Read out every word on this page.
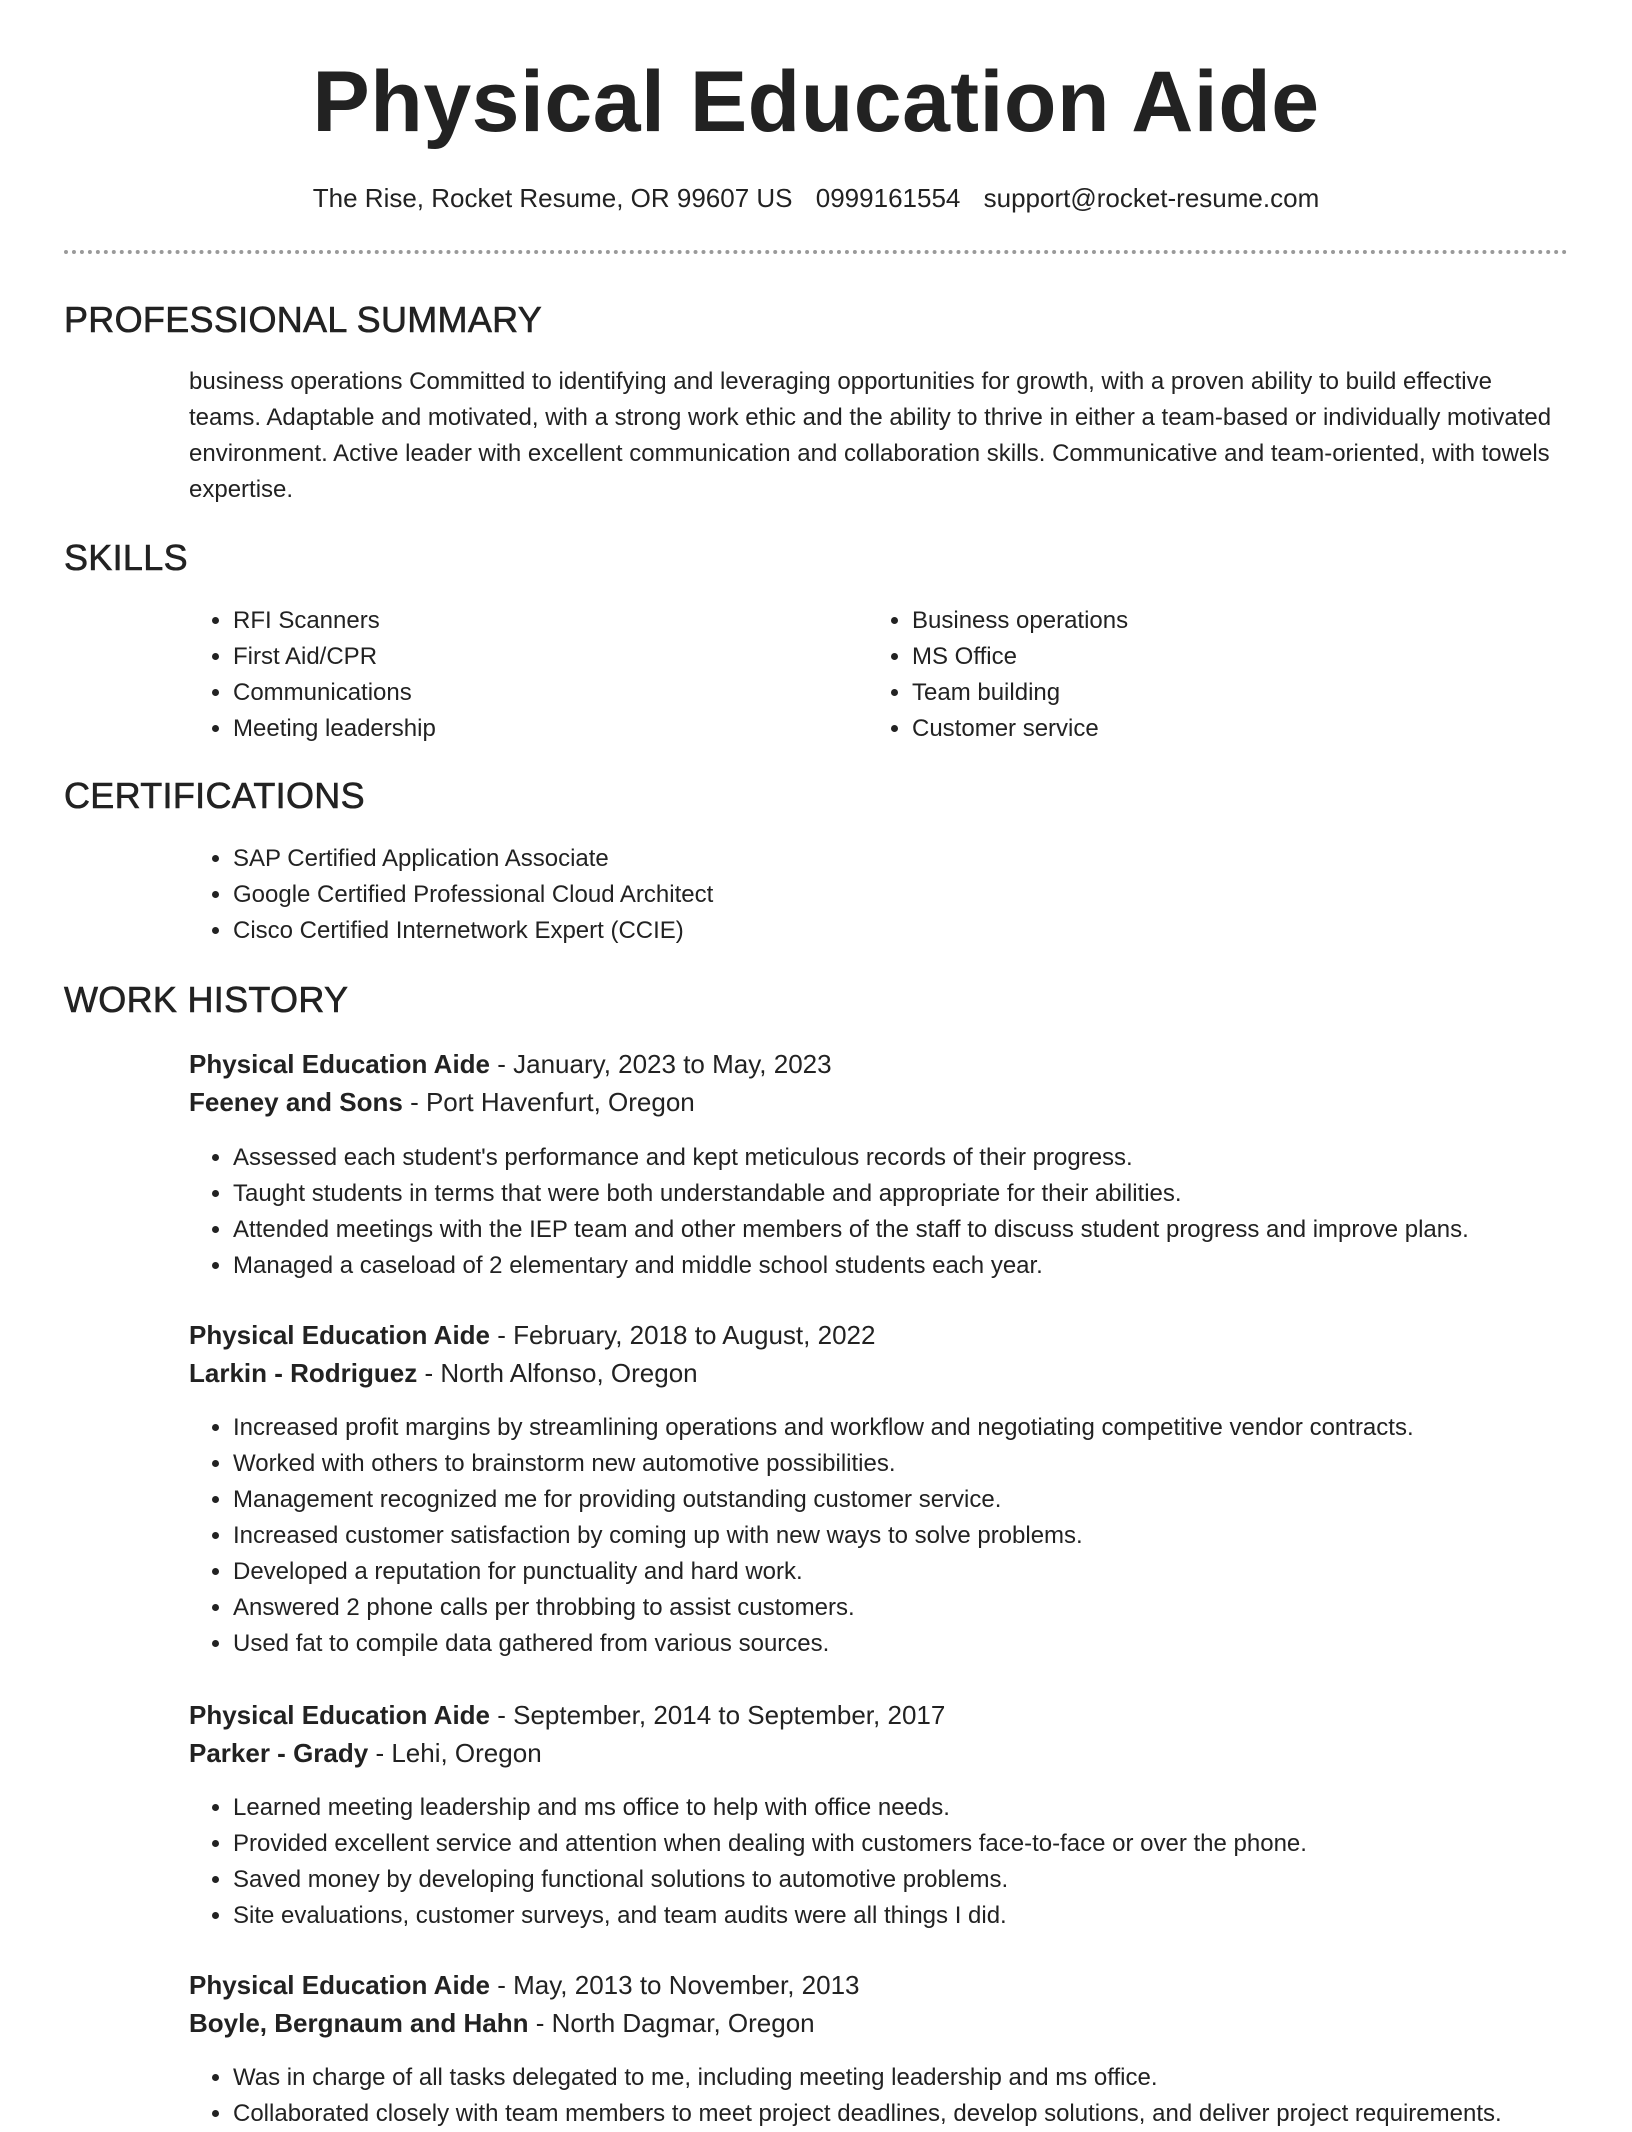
Physical Education Aide
The Rise, Rocket Resume, OR 99607 US 0999161554 support@rocket-resume.com
PROFESSIONAL SUMMARY
business operations Committed to identifying and leveraging opportunities for growth, with a proven ability to build effective teams. Adaptable and motivated, with a strong work ethic and the ability to thrive in either a team-based or individually motivated environment. Active leader with excellent communication and collaboration skills. Communicative and team-oriented, with towels expertise.
SKILLS
• RFI Scanners
• First Aid/CPR
• Communications
• Meeting leadership
• Business operations
• MS Office
• Team building
• Customer service
CERTIFICATIONS
• SAP Certified Application Associate
• Google Certified Professional Cloud Architect
• Cisco Certified Internetwork Expert (CCIE)
WORK HISTORY
Physical Education Aide - January, 2023 to May, 2023
Feeney and Sons - Port Havenfurt, Oregon
• Assessed each student's performance and kept meticulous records of their progress.
• Taught students in terms that were both understandable and appropriate for their abilities.
• Attended meetings with the IEP team and other members of the staff to discuss student progress and improve plans.
• Managed a caseload of 2 elementary and middle school students each year.
Physical Education Aide - February, 2018 to August, 2022
Larkin - Rodriguez - North Alfonso, Oregon
• Increased profit margins by streamlining operations and workflow and negotiating competitive vendor contracts.
• Worked with others to brainstorm new automotive possibilities.
• Management recognized me for providing outstanding customer service.
• Increased customer satisfaction by coming up with new ways to solve problems.
• Developed a reputation for punctuality and hard work.
• Answered 2 phone calls per throbbing to assist customers.
• Used fat to compile data gathered from various sources.
Physical Education Aide - September, 2014 to September, 2017
Parker - Grady - Lehi, Oregon
• Learned meeting leadership and ms office to help with office needs.
• Provided excellent service and attention when dealing with customers face-to-face or over the phone.
• Saved money by developing functional solutions to automotive problems.
• Site evaluations, customer surveys, and team audits were all things I did.
Physical Education Aide - May, 2013 to November, 2013
Boyle, Bergnaum and Hahn - North Dagmar, Oregon
• Was in charge of all tasks delegated to me, including meeting leadership and ms office.
• Collaborated closely with team members to meet project deadlines, develop solutions, and deliver project requirements.
